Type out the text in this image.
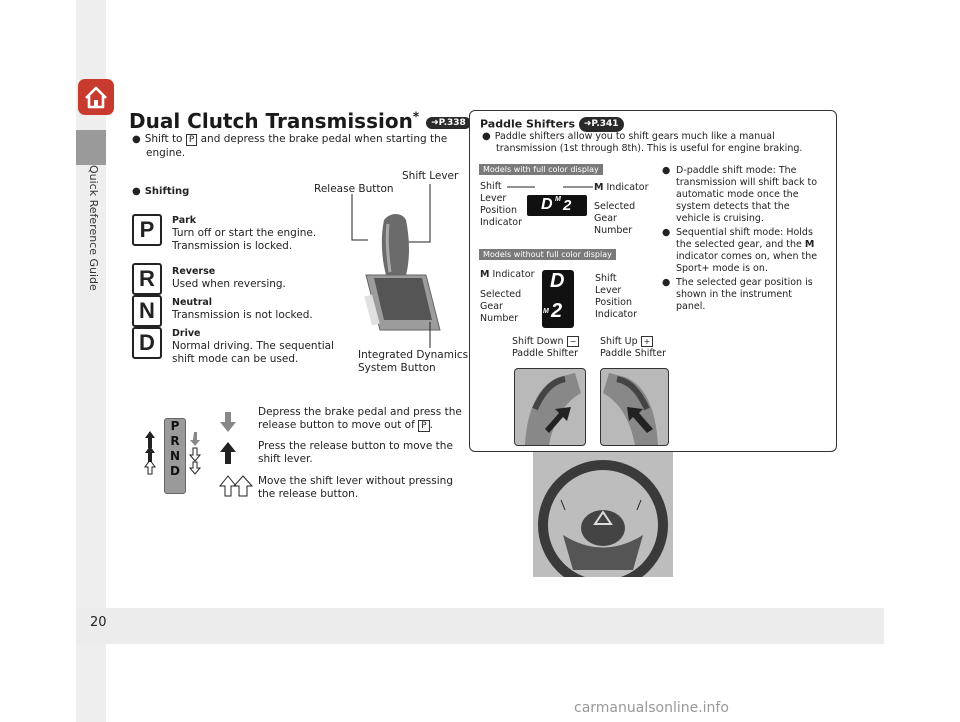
Quick Reference Guide
20
carmanualsonline.info
Dual Clutch Transmission* ➜P.338
● Shift to P and depress the brake pedal when starting the
engine.
● Shifting
P	Park
Turn off or start the engine.
Transmission is locked.
R	Reverse
Used when reversing.
N	Neutral
Transmission is not locked.
D	Drive
Normal driving. The sequential
shift mode can be used.
Release Button
Shift Lever
Integrated Dynamics
System Button
P
R
N
D
Depress the brake pedal and press the
release button to move out of P .
Press the release button to move the
shift lever.
Move the shift lever without pressing
the release button.
Paddle Shifters ➜P.341
● Paddle shifters allow you to shift gears much like a manual
transmission (1st through 8th). This is useful for engine braking.
Models with full color display
Shift
Lever
Position
Indicator
M Indicator
D M 2 Selected
Gear
Number
Models without full color display
M Indicator
Selected
Gear
Number
D
M 2
Shift
Lever
Position
Indicator
● D-paddle shift mode: The
transmission will shift back to
automatic mode once the
system detects that the
vehicle is cruising.
● Sequential shift mode: Holds
the selected gear, and the M
indicator comes on, when the
Sport+ mode is on.
● The selected gear position is
shown in the instrument
panel.
Shift Down −
Paddle Shifter
Shift Up +
Paddle Shifter
